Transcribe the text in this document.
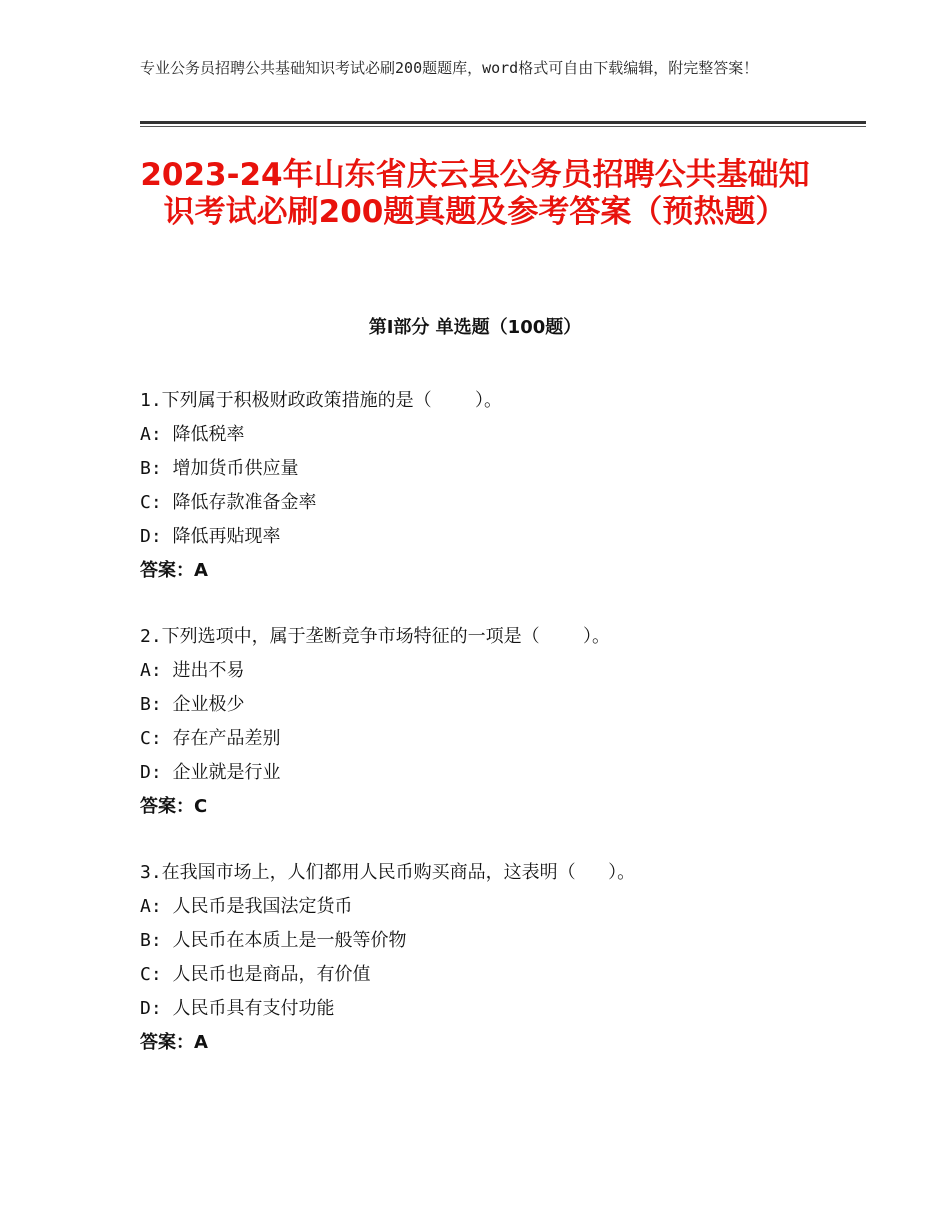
专业公务员招聘公共基础知识考试必刷200题题库，word格式可自由下载编辑，附完整答案！
2023-24年山东省庆云县公务员招聘公共基础知识考试必刷200题真题及参考答案（预热题）
第Ⅰ部分 单选题（100题）
1.下列属于积极财政政策措施的是（    ）。
A: 降低税率
B: 增加货币供应量
C: 降低存款准备金率
D: 降低再贴现率
答案：A
2.下列选项中，属于垄断竞争市场特征的一项是（    ）。
A: 进出不易
B: 企业极少
C: 存在产品差别
D: 企业就是行业
答案：C
3.在我国市场上，人们都用人民币购买商品，这表明（   ）。
A: 人民币是我国法定货币
B: 人民币在本质上是一般等价物
C: 人民币也是商品，有价值
D: 人民币具有支付功能
答案：A
